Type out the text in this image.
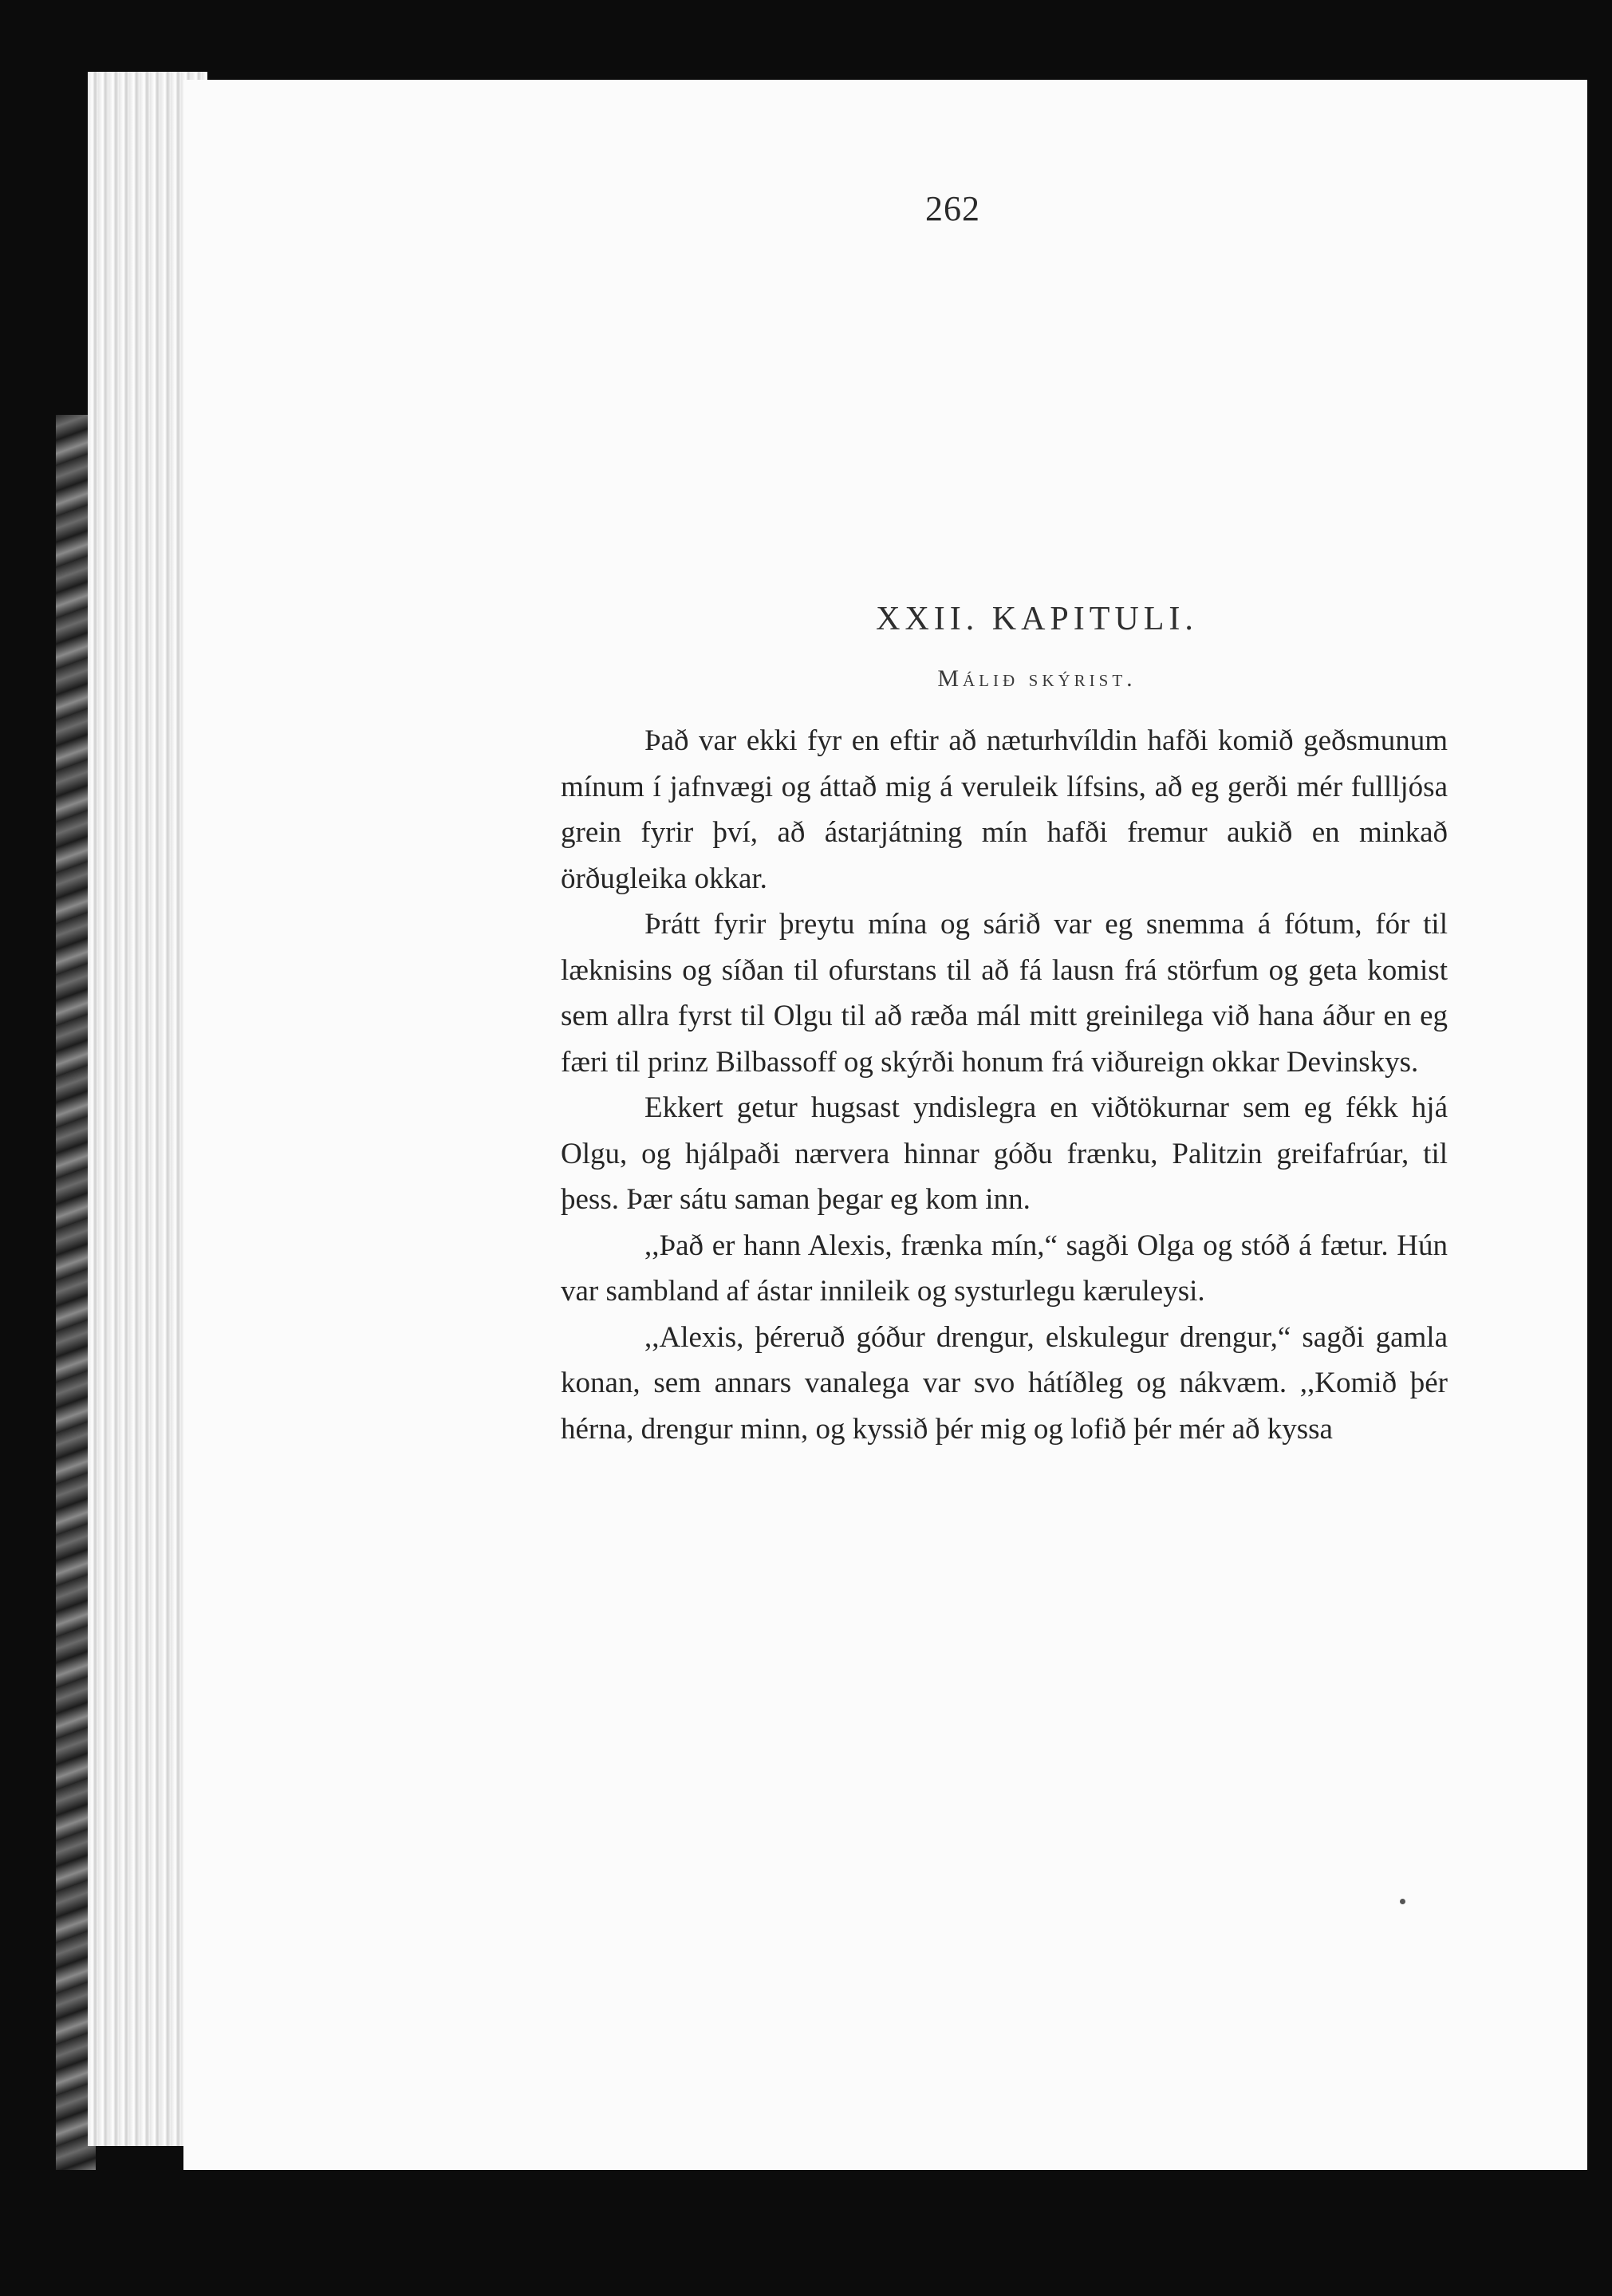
262
XXII. KAPITULI.
Málið skýrist.

Það var ekki fyr en eftir að næturhvíldin hafði komið geðsmunum mínum í jafnvægi og áttað mig á veruleik lífsins, að eg gerði mér fullljósa grein fyrir því, að ástarjátning mín hafði fremur aukið en minkað örðugleika okkar.

Þrátt fyrir þreytu mína og sárið var eg snemma á fótum, fór til læknisins og síðan til ofurstans til að fá lausn frá störfum og geta komist sem allra fyrst til Olgu til að ræða mál mitt greinilega við hana áður en eg færi til prinz Bilbassoff og skýrði honum frá viðureign okkar Devinskys.

Ekkert getur hugsast yndislegra en viðtökurnar sem eg fékk hjá Olgu, og hjálpaði nærvera hinnar góðu frænku, Palitzin greifafrúar, til þess. Þær sátu saman þegar eg kom inn.

,,Það er hann Alexis, frænka mín,“ sagði Olga og stóð á fætur. Hún var sambland af ástar innileik og systurlegu kæruleysi.

,,Alexis, þéreruð góður drengur, elskulegur drengur,“ sagði gamla konan, sem annars vanalega var svo hátíðleg og nákvæm. ,,Komið þér hérna, drengur minn, og kyssið þér mig og lofið þér mér að kyssa
